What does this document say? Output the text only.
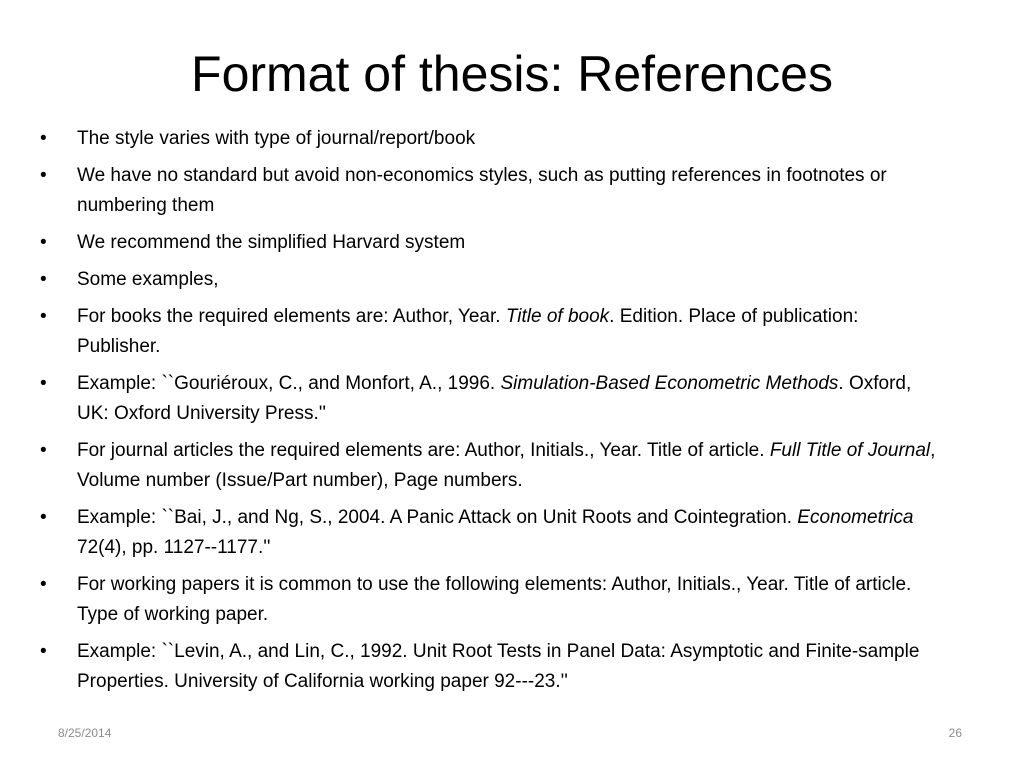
Format of thesis: References
• The style varies with type of journal/report/book
• We have no standard but avoid non-economics styles, such as putting references in footnotes or numbering them
• We recommend the simplified Harvard system
• Some examples,
• For books the required elements are: Author, Year. Title of book. Edition. Place of publication: Publisher.
• Example: ``Gouriéroux, C., and Monfort, A., 1996. Simulation-Based Econometric Methods. Oxford, UK: Oxford University Press.''
• For journal articles the required elements are: Author, Initials., Year. Title of article. Full Title of Journal, Volume number (Issue/Part number), Page numbers.
• Example: ``Bai, J., and Ng, S., 2004. A Panic Attack on Unit Roots and Cointegration. Econometrica 72(4), pp. 1127--1177.''
• For working papers it is common to use the following elements: Author, Initials., Year. Title of article. Type of working paper.
• Example: ``Levin, A., and Lin, C., 1992. Unit Root Tests in Panel Data: Asymptotic and Finite-sample Properties. University of California working paper 92---23.''
8/25/2014	26
